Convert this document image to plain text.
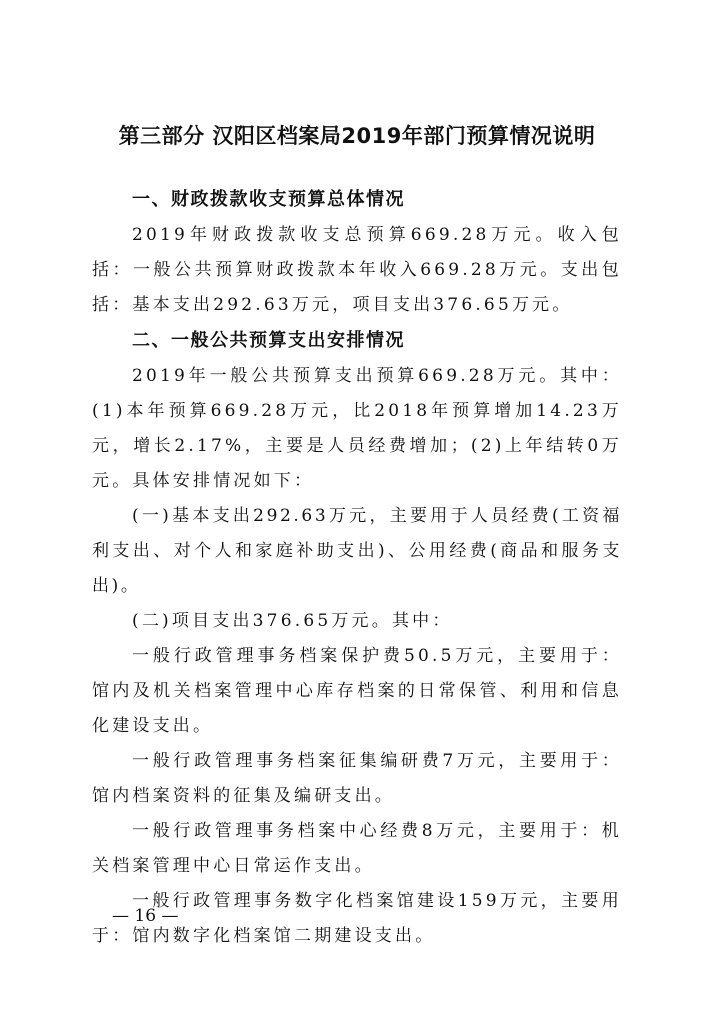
第三部分 汉阳区档案局2019年部门预算情况说明
一、财政拨款收支预算总体情况

2019年财政拨款收支总预算669.28万元。收入包括：一般公共预算财政拨款本年收入669.28万元。支出包括：基本支出292.63万元，项目支出376.65万元。

二、一般公共预算支出安排情况

2019年一般公共预算支出预算669.28万元。其中：(1)本年预算669.28万元，比2018年预算增加14.23万元，增长2.17%，主要是人员经费增加；(2)上年结转0万元。具体安排情况如下：

(一)基本支出292.63万元，主要用于人员经费(工资福利支出、对个人和家庭补助支出)、公用经费(商品和服务支出)。

(二)项目支出376.65万元。其中：

一般行政管理事务档案保护费50.5万元，主要用于：馆内及机关档案管理中心库存档案的日常保管、利用和信息化建设支出。

一般行政管理事务档案征集编研费7万元，主要用于：馆内档案资料的征集及编研支出。

一般行政管理事务档案中心经费8万元，主要用于：机关档案管理中心日常运作支出。

一般行政管理事务数字化档案馆建设159万元，主要用于：馆内数字化档案馆二期建设支出。

— 16 —
